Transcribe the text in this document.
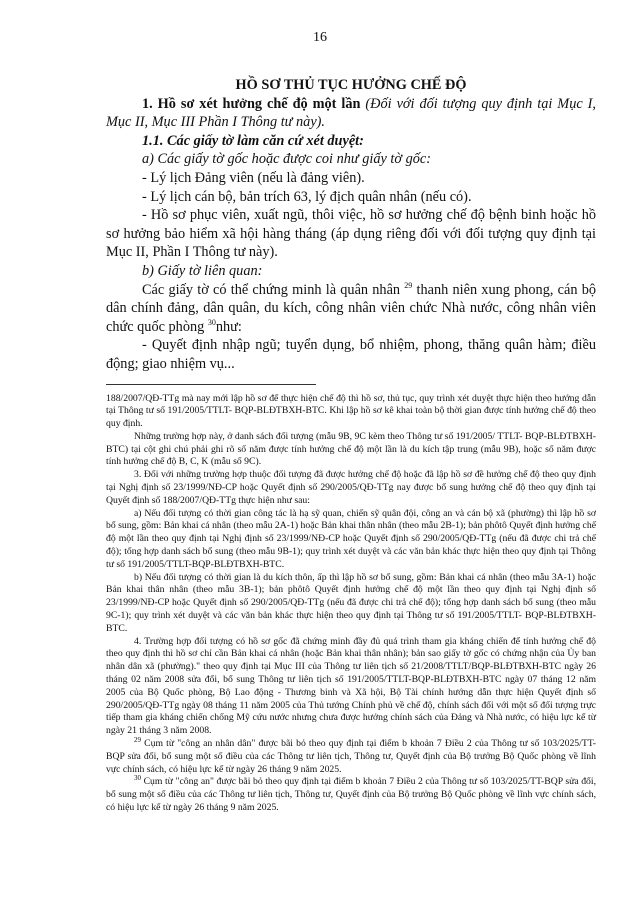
16

HỒ SƠ THỦ TỤC HƯỞNG CHẾ ĐỘ

1. Hồ sơ xét hưởng chế độ một lần (Đối với đối tượng quy định tại Mục I, Mục II, Mục III Phần I Thông tư này).

1.1. Các giấy tờ làm căn cứ xét duyệt:

a) Các giấy tờ gốc hoặc được coi như giấy tờ gốc:

- Lý lịch Đảng viên (nếu là đảng viên).

- Lý lịch cán bộ, bản trích 63, lý địch quân nhân (nếu có).

- Hồ sơ phục viên, xuất ngũ, thôi việc, hồ sơ hưởng chế độ bệnh binh hoặc hồ sơ hưởng bảo hiểm xã hội hàng tháng (áp dụng riêng đối với đối tượng quy định tại Mục II, Phần I Thông tư này).

b) Giấy tờ liên quan:

Các giấy tờ có thể chứng minh là quân nhân $^{29}$ thanh niên xung phong, cán bộ dân chính đảng, dân quân, du kích, công nhân viên chức Nhà nước, công nhân viên chức quốc phòng $^{30}$như:

- Quyết định nhập ngũ; tuyển dụng, bổ nhiệm, phong, thăng quân hàm; điều động; giao nhiệm vụ...

188/2007/QĐ-TTg mà nay mới lập hồ sơ để thực hiện chế độ thì hồ sơ, thủ tục, quy trình xét duyệt thực hiện theo hướng dẫn tại Thông tư số 191/2005/TTLT- BQP-BLĐTBXH-BTC. Khi lập hồ sơ kê khai toàn bộ thời gian được tính hưởng chế độ theo quy định.

Những trường hợp này, ở danh sách đối tượng (mẫu 9B, 9C kèm theo Thông tư số 191/2005/ TTLT- BQP-BLĐTBXH-BTC) tại cột ghi chú phải ghi rõ số năm được tính hưởng chế độ một lần là du kích tập trung (mẫu 9B), hoặc số năm được tính hưởng chế độ B, C, K (mẫu số 9C).

3. Đối với những trường hợp thuộc đối tượng đã được hưởng chế độ hoặc đã lập hồ sơ đề hưởng chế độ theo quy định tại Nghị định số 23/1999/NĐ-CP hoặc Quyết định số 290/2005/QĐ-TTg nay được bổ sung hưởng chế độ theo quy định tại Quyết định số 188/2007/QĐ-TTg thực hiện như sau:

a) Nếu đối tượng có thời gian công tác là hạ sỹ quan, chiến sỹ quân đội, công an và cán bộ xã (phường) thì lập hồ sơ bổ sung, gồm: Bản khai cá nhân (theo mẫu 2A-1) hoặc Bản khai thân nhân (theo mẫu 2B-1); bản phôtô Quyết định hưởng chế độ một lần theo quy định tại Nghị định số 23/1999/NĐ-CP hoặc Quyết định số 290/2005/QĐ-TTg (nếu đã được chi trả chế độ); tổng hợp danh sách bổ sung (theo mẫu 9B-1); quy trình xét duyệt và các văn bản khác thực hiện theo quy định tại Thông tư số 191/2005/TTLT-BQP-BLĐTBXH-BTC.

b) Nếu đối tượng có thời gian là du kích thôn, ấp thì lập hồ sơ bổ sung, gồm: Bản khai cá nhân (theo mẫu 3A-1) hoặc Bản khai thân nhân (theo mẫu 3B-1); bản phôtô Quyết định hưởng chế độ một lần theo quy định tại Nghị định số 23/1999/NĐ-CP hoặc Quyết định số 290/2005/QĐ-TTg (nếu đã được chi trả chế độ); tổng hợp danh sách bổ sung (theo mẫu 9C-1); quy trình xét duyệt và các văn bản khác thực hiện theo quy định tại Thông tư số 191/2005/TTLT- BQP-BLĐTBXH-BTC.

4. Trường hợp đối tượng có hồ sơ gốc đã chứng minh đầy đủ quá trình tham gia kháng chiến để tính hưởng chế độ theo quy định thì hồ sơ chỉ cần Bản khai cá nhân (hoặc Bản khai thân nhân); bản sao giấy tờ gốc có chứng nhận của Ủy ban nhân dân xã (phường)." theo quy định tại Mục III của Thông tư liên tịch số 21/2008/TTLT/BQP-BLĐTBXH-BTC ngày 26 tháng 02 năm 2008 sửa đổi, bổ sung Thông tư liên tịch số 191/2005/TTLT-BQP-BLĐTBXH-BTC ngày 07 tháng 12 năm 2005 của Bộ Quốc phòng, Bộ Lao động - Thương binh và Xã hội, Bộ Tài chính hướng dẫn thực hiện Quyết định số 290/2005/QĐ-TTg ngày 08 tháng 11 năm 2005 của Thủ tướng Chính phủ về chế độ, chính sách đối với một số đối tượng trực tiếp tham gia kháng chiến chống Mỹ cứu nước nhưng chưa được hưởng chính sách của Đảng và Nhà nước, có hiệu lực kể từ ngày 21 tháng 3 năm 2008.

$^{29}$ Cụm từ "công an nhân dân" được bãi bỏ theo quy định tại điểm b khoản 7 Điều 2 của Thông tư số 103/2025/TT-BQP sửa đổi, bổ sung một số điều của các Thông tư liên tịch, Thông tư, Quyết định của Bộ trưởng Bộ Quốc phòng về lĩnh vực chính sách, có hiệu lực kể từ ngày 26 tháng 9 năm 2025.

$^{30}$ Cụm từ "công an" được bãi bỏ theo quy định tại điểm b khoản 7 Điều 2 của Thông tư số 103/2025/TT-BQP sửa đổi, bổ sung một số điều của các Thông tư liên tịch, Thông tư, Quyết định của Bộ trưởng Bộ Quốc phòng về lĩnh vực chính sách, có hiệu lực kể từ ngày 26 tháng 9 năm 2025.
